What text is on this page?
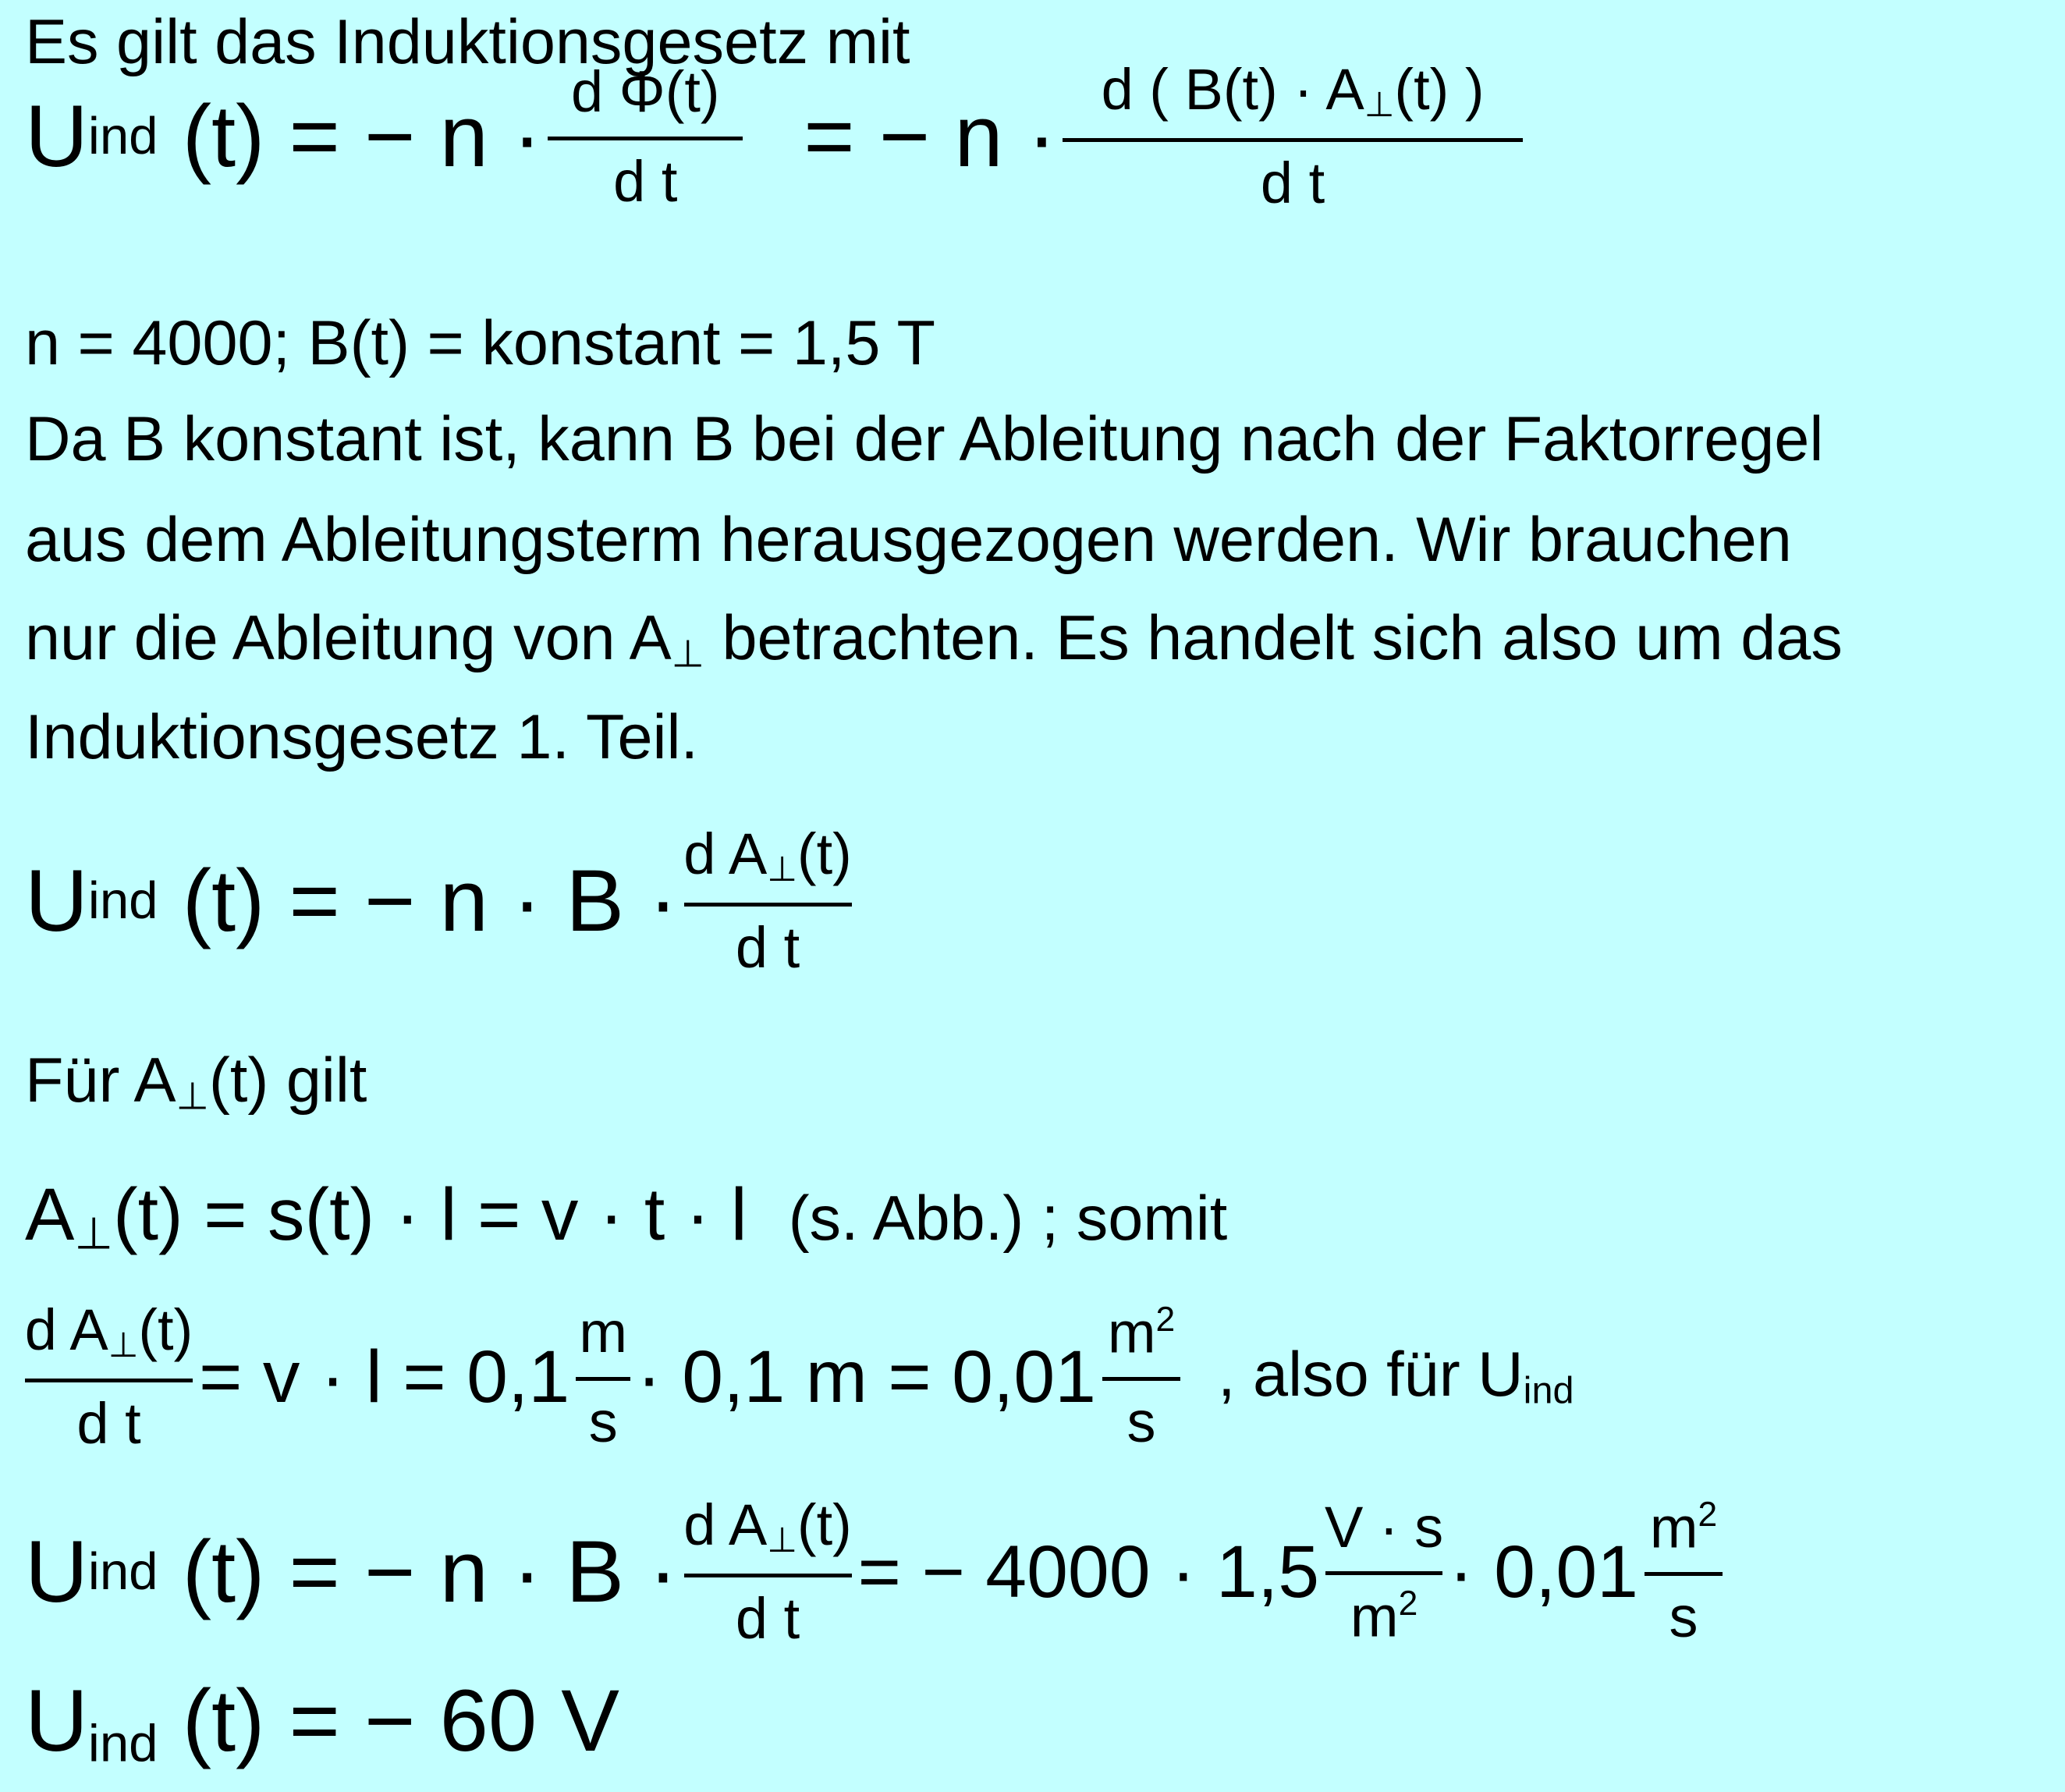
Es gilt das Induktionsgesetz mit
U ind
(t)
= − n · d Φ(t)
d t = − n · d ( $B(t) \cdot A_\perp(t)$ )
d t
n = 4000; B(t) = konstant = 1,5 T
Da B konstant ist, kann B bei der Ableitung nach der Faktorregel
aus dem Ableitungsterm herausgezogen werden. Wir brauchen
nur die Ableitung von $A_\perp$ betrachten. Es handelt sich also um das
Induktionsgesetz 1. Teil.
U ind
(t)
= − n · B · d $A_\perp(t)$
d t
Für $A_\perp(t)$ gilt
$A_\perp(t) = s(t) \cdot l = v \cdot t \cdot l$ (s. Abb.) ; somit
d $A_\perp(t)$
d t
= v · l = 0,1
m
s
· 0,1 m = 0,01
$m^2$
s
, also für $U_{ind}$
U ind
(t)
= − n · B · d $A_\perp(t)$
d t
= − 4000 · 1,5
V · s
$m^2 \cdot 0,01$
$m^2$
s
Uind (t) = − 60 V
